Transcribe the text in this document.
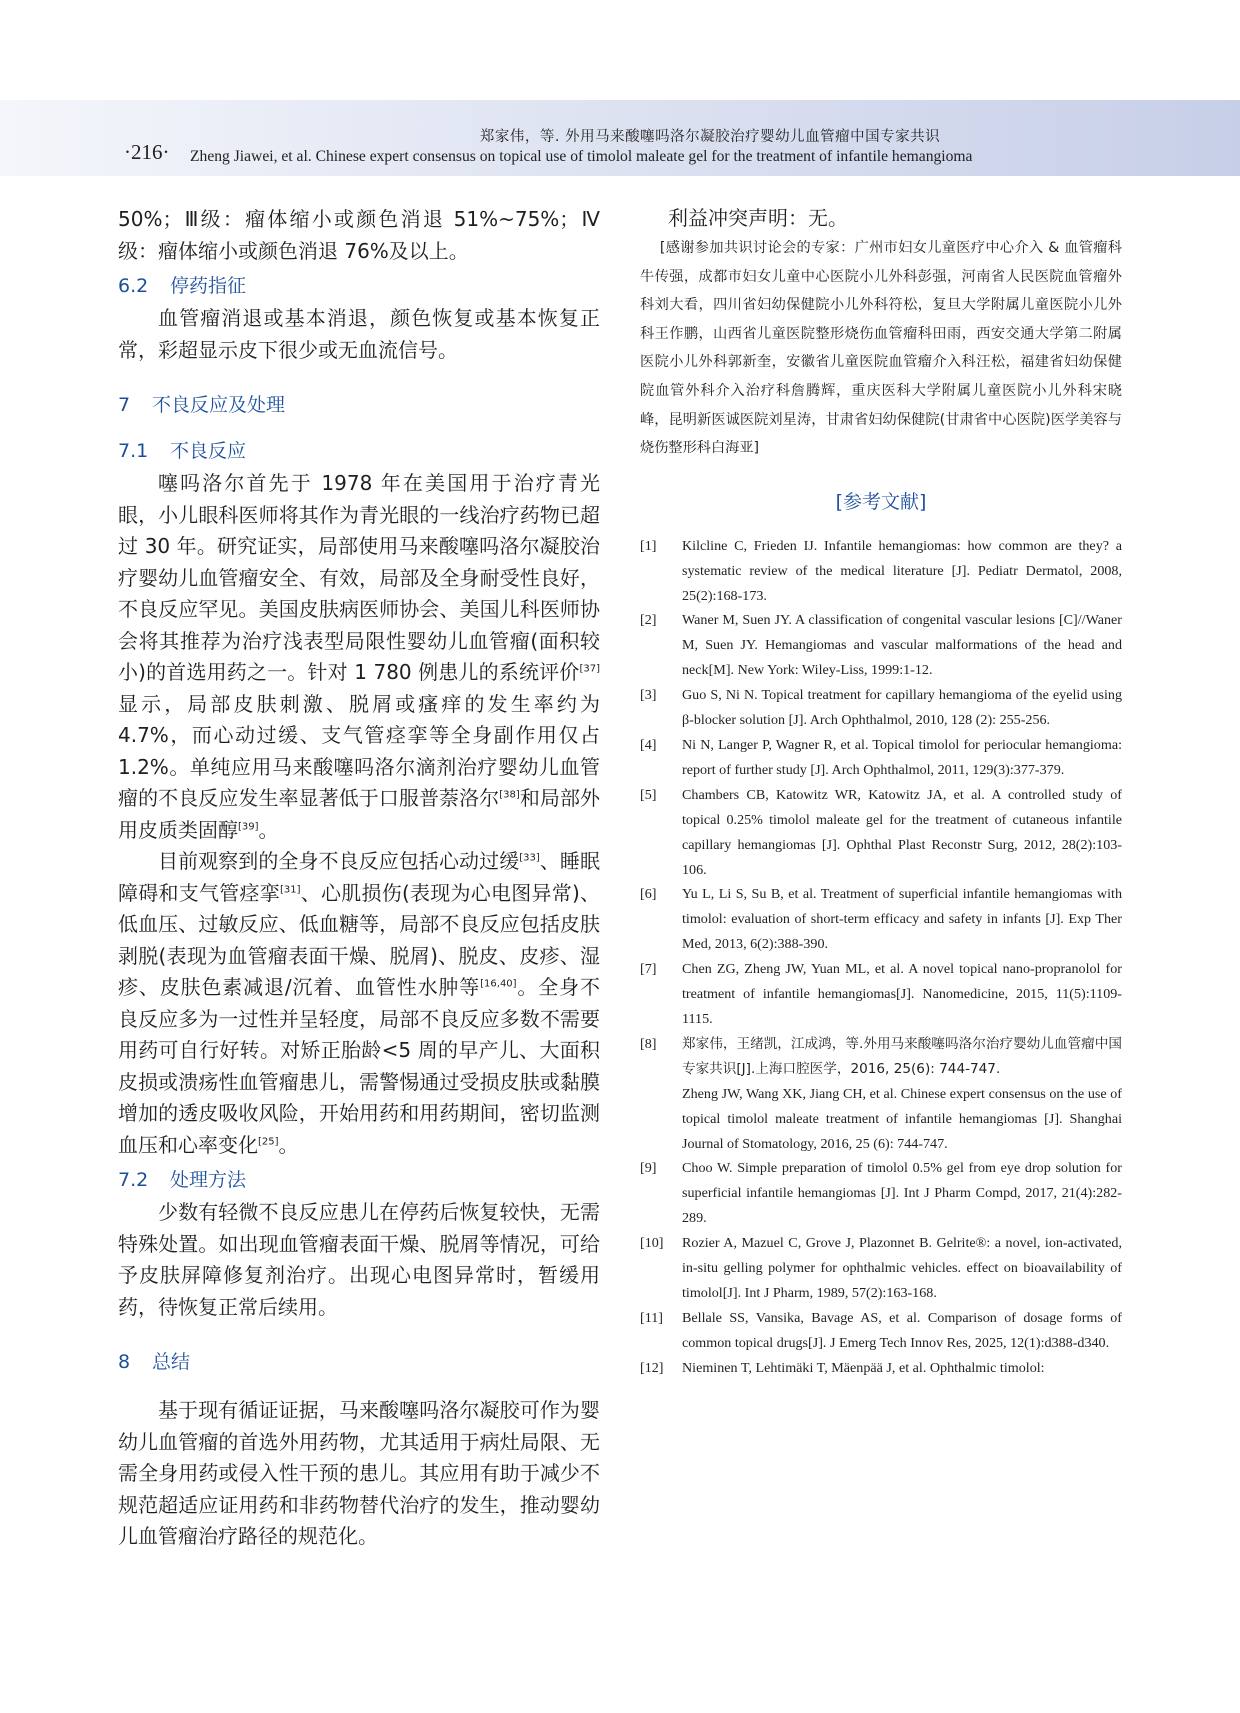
·216·
郑家伟，等. 外用马来酸噻吗洛尔凝胶治疗婴幼儿血管瘤中国专家共识
Zheng Jiawei, et al. Chinese expert consensus on topical use of timolol maleate gel for the treatment of infantile hemangioma

50%；Ⅲ级：瘤体缩小或颜色消退 51%~75%；Ⅳ级：瘤体缩小或颜色消退 76%及以上。

6.2 停药指征

血管瘤消退或基本消退，颜色恢复或基本恢复正常，彩超显示皮下很少或无血流信号。

7 不良反应及处理
7.1 不良反应

噻吗洛尔首先于 1978 年在美国用于治疗青光眼，小儿眼科医师将其作为青光眼的一线治疗药物已超过 30 年。研究证实，局部使用马来酸噻吗洛尔凝胶治疗婴幼儿血管瘤安全、有效，局部及全身耐受性良好，不良反应罕见。美国皮肤病医师协会、美国儿科医师协会将其推荐为治疗浅表型局限性婴幼儿血管瘤(面积较小)的首选用药之一。针对 1 780 例患儿的系统评价[37]显示，局部皮肤刺激、脱屑或瘙痒的发生率约为 4.7%，而心动过缓、支气管痉挛等全身副作用仅占 1.2%。单纯应用马来酸噻吗洛尔滴剂治疗婴幼儿血管瘤的不良反应发生率显著低于口服普萘洛尔[38]和局部外用皮质类固醇[39]。

目前观察到的全身不良反应包括心动过缓[33]、睡眠障碍和支气管痉挛[31]、心肌损伤(表现为心电图异常)、低血压、过敏反应、低血糖等，局部不良反应包括皮肤剥脱(表现为血管瘤表面干燥、脱屑)、脱皮、皮疹、湿疹、皮肤色素减退/沉着、血管性水肿等[16,40]。全身不良反应多为一过性并呈轻度，局部不良反应多数不需要用药可自行好转。对矫正胎龄<5 周的早产儿、大面积皮损或溃疡性血管瘤患儿，需警惕通过受损皮肤或黏膜增加的透皮吸收风险，开始用药和用药期间，密切监测血压和心率变化[25]。

7.2 处理方法

少数有轻微不良反应患儿在停药后恢复较快，无需特殊处置。如出现血管瘤表面干燥、脱屑等情况，可给予皮肤屏障修复剂治疗。出现心电图异常时，暂缓用药，待恢复正常后续用。

8 总结

基于现有循证证据，马来酸噻吗洛尔凝胶可作为婴幼儿血管瘤的首选外用药物，尤其适用于病灶局限、无需全身用药或侵入性干预的患儿。其应用有助于减少不规范超适应证用药和非药物替代治疗的发生，推动婴幼儿血管瘤治疗路径的规范化。

利益冲突声明：无。

[感谢参加共识讨论会的专家：广州市妇女儿童医疗中心介入 & 血管瘤科牛传强，成都市妇女儿童中心医院小儿外科彭强，河南省人民医院血管瘤外科刘大看，四川省妇幼保健院小儿外科符松，复旦大学附属儿童医院小儿外科王作鹏，山西省儿童医院整形烧伤血管瘤科田雨，西安交通大学第二附属医院小儿外科郭新奎，安徽省儿童医院血管瘤介入科汪松，福建省妇幼保健院血管外科介入治疗科詹腾辉，重庆医科大学附属儿童医院小儿外科宋晓峰，昆明新医诚医院刘星涛，甘肃省妇幼保健院(甘肃省中心医院)医学美容与烧伤整形科白海亚]

[参考文献]
[1]	Kilcline C, Frieden IJ. Infantile hemangiomas: how common are they? a systematic review of the medical literature [J]. Pediatr Dermatol, 2008, 25(2):168-173.
[2]	Waner M, Suen JY. A classification of congenital vascular lesions [C]//Waner M, Suen JY. Hemangiomas and vascular malformations of the head and neck[M]. New York: Wiley-Liss, 1999:1-12.
[3]	Guo S, Ni N. Topical treatment for capillary hemangioma of the eyelid using β-blocker solution [J]. Arch Ophthalmol, 2010, 128 (2): 255-256.
[4]	Ni N, Langer P, Wagner R, et al. Topical timolol for periocular hemangioma: report of further study [J]. Arch Ophthalmol, 2011, 129(3):377-379.
[5]	Chambers CB, Katowitz WR, Katowitz JA, et al. A controlled study of topical 0.25% timolol maleate gel for the treatment of cutaneous infantile capillary hemangiomas [J]. Ophthal Plast Reconstr Surg, 2012, 28(2):103-106.
[6]	Yu L, Li S, Su B, et al. Treatment of superficial infantile hemangiomas with timolol: evaluation of short-term efficacy and safety in infants [J]. Exp Ther Med, 2013, 6(2):388-390.
[7]	Chen ZG, Zheng JW, Yuan ML, et al. A novel topical nano-propranolol for treatment of infantile hemangiomas[J]. Nanomedicine, 2015, 11(5):1109-1115.
[8]	郑家伟，王绪凯，江成鸿，等.外用马来酸噻吗洛尔治疗婴幼儿血管瘤中国专家共识[J].上海口腔医学，2016, 25(6): 744-747.
Zheng JW, Wang XK, Jiang CH, et al. Chinese expert consensus on the use of topical timolol maleate treatment of infantile hemangiomas [J]. Shanghai Journal of Stomatology, 2016, 25 (6): 744-747.
[9]	Choo W. Simple preparation of timolol 0.5% gel from eye drop solution for superficial infantile hemangiomas [J]. Int J Pharm Compd, 2017, 21(4):282-289.
[10]	Rozier A, Mazuel C, Grove J, Plazonnet B. Gelrite®: a novel, ion-activated, in-situ gelling polymer for ophthalmic vehicles. effect on bioavailability of timolol[J]. Int J Pharm, 1989, 57(2):163-168.
[11]	Bellale SS, Vansika, Bavage AS, et al. Comparison of dosage forms of common topical drugs[J]. J Emerg Tech Innov Res, 2025, 12(1):d388-d340.
[12]	Nieminen T, Lehtimäki T, Mäenpää J, et al. Ophthalmic timolol:
